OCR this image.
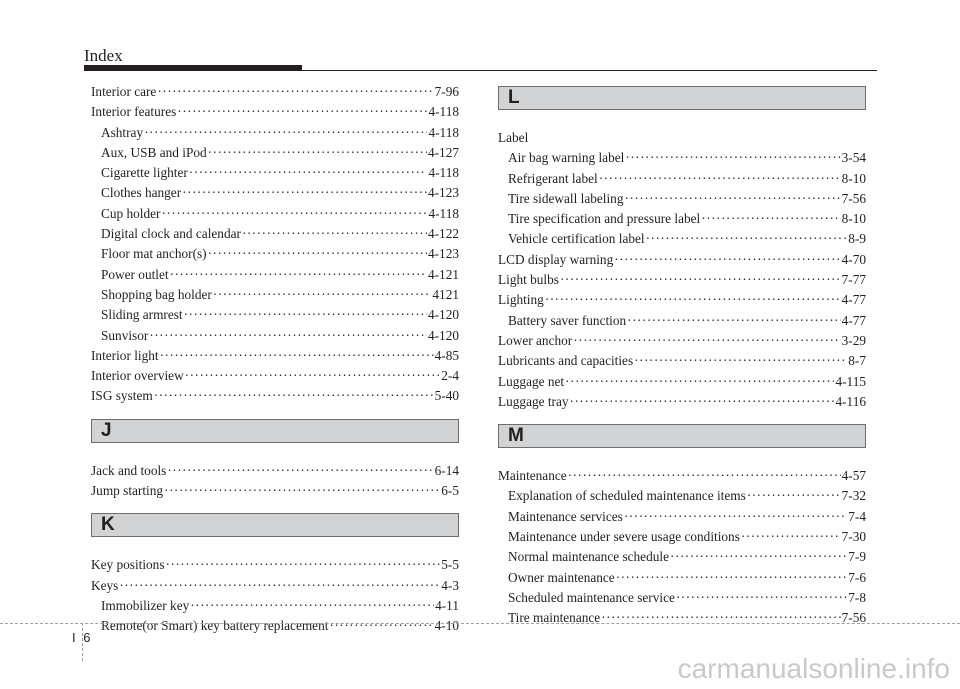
Index
Interior care ·····	7-96
Interior features ·····	4-118
Ashtray ·····	4-118
Aux, USB and iPod ·····	4-127
Cigarette lighter ·····	4-118
Clothes hanger ·····	4-123
Cup holder ·····	4-118
Digital clock and calendar ·····	4-122
Floor mat anchor(s) ·····	4-123
Power outlet ·····	4-121
Shopping bag holder ·····	4121
Sliding armrest ·····	4-120
Sunvisor ·····	4-120
Interior light ·····	4-85
Interior overview ·····	2-4
ISG system ·····	5-40
J
Jack and tools ·····	6-14
Jump starting ·····	6-5
K
Key positions ·····	5-5
Keys ·····	4-3
Immobilizer key ·····	4-11
Remote(or Smart) key battery replacement ·····	4-10
L
Label
Air bag warning label ·····	3-54
Refrigerant label ·····	8-10
Tire sidewall labeling ·····	7-56
Tire specification and pressure label ·····	8-10
Vehicle certification label ·····	8-9
LCD display warning ·····	4-70
Light bulbs ·····	7-77
Lighting ·····	4-77
Battery saver function ·····	4-77
Lower anchor ·····	3-29
Lubricants and capacities ·····	8-7
Luggage net ·····	4-115
Luggage tray ·····	4-116
M
Maintenance ·····	4-57
Explanation of scheduled maintenance items ·····	7-32
Maintenance services ·····	7-4
Maintenance under severe usage conditions ·····	7-30
Normal maintenance schedule ·····	7-9
Owner maintenance ·····	7-6
Scheduled maintenance service ·····	7-8
Tire maintenance ·····	7-56
I 6
carmanualsonline.info
